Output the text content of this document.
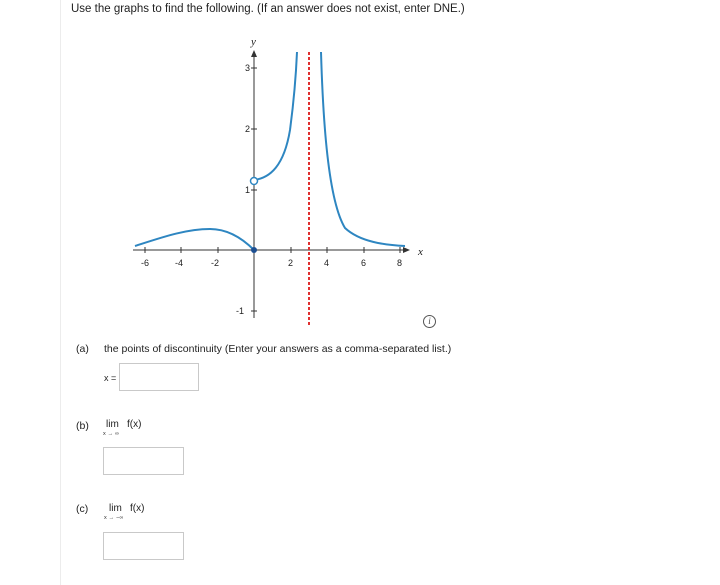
Use the graphs to find the following. (If an answer does not exist, enter DNE.)
x
y
-6	-4	-2	2	4	6	8
3
2
1
-1
i
(a) the points of discontinuity (Enter your answers as a comma-separated list.)
x =
(b) lim f(x)
x → ∞
(c) lim f(x)
x → −∞
